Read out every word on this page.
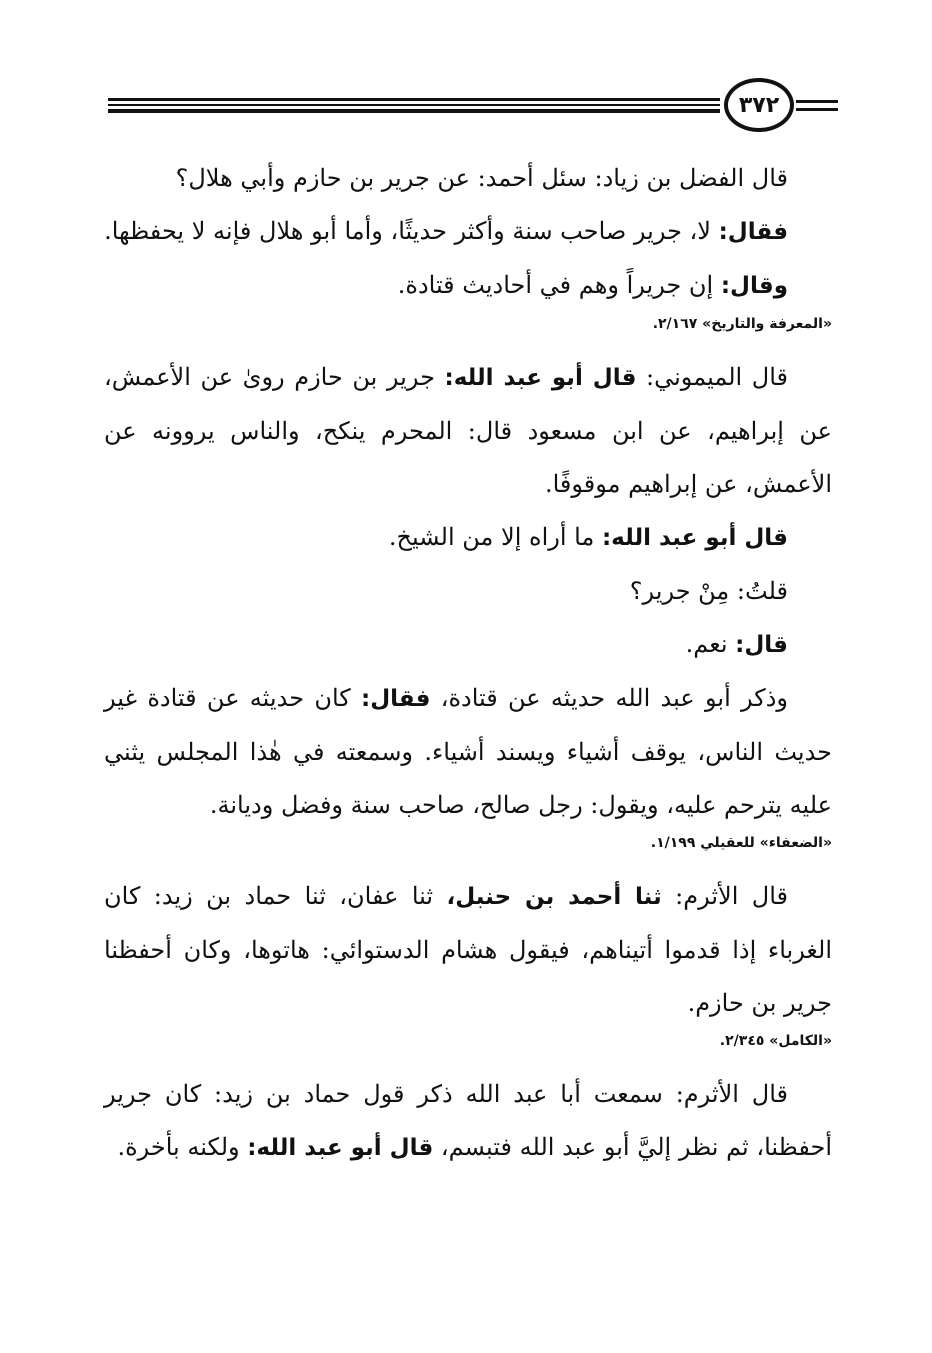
٣٧٢

قال الفضل بن زياد: سئل أحمد: عن جرير بن حازم وأبي هلال؟

فقال: لا، جرير صاحب سنة وأكثر حديثًا، وأما أبو هلال فإنه لا يحفظها.

وقال: إن جريراً وهم في أحاديث قتادة.

«المعرفة والتاريخ» ٢/١٦٧.

قال الميموني: قال أبو عبد الله: جرير بن حازم روىٰ عن الأعمش، عن إبراهيم، عن ابن مسعود قال: المحرم ينكح، والناس يروونه عن الأعمش، عن إبراهيم موقوفًا.

قال أبو عبد الله: ما أراه إلا من الشيخ.

قلتُ: مِنْ جرير؟

قال: نعم.

وذكر أبو عبد الله حديثه عن قتادة، فقال: كان حديثه عن قتادة غير حديث الناس، يوقف أشياء ويسند أشياء. وسمعته في هٰذا المجلس يثني عليه يترحم عليه، ويقول: رجل صالح، صاحب سنة وفضل وديانة.

«الضعفاء» للعقيلي ١/١٩٩.

قال الأثرم: ثنا أحمد بن حنبل، ثنا عفان، ثنا حماد بن زيد: كان الغرباء إذا قدموا أتيناهم، فيقول هشام الدستوائي: هاتوها، وكان أحفظنا جرير بن حازم.

«الكامل» ٢/٣٤٥.

قال الأثرم: سمعت أبا عبد الله ذكر قول حماد بن زيد: كان جرير أحفظنا، ثم نظر إليَّ أبو عبد الله فتبسم، قال أبو عبد الله: ولكنه بأخرة.
